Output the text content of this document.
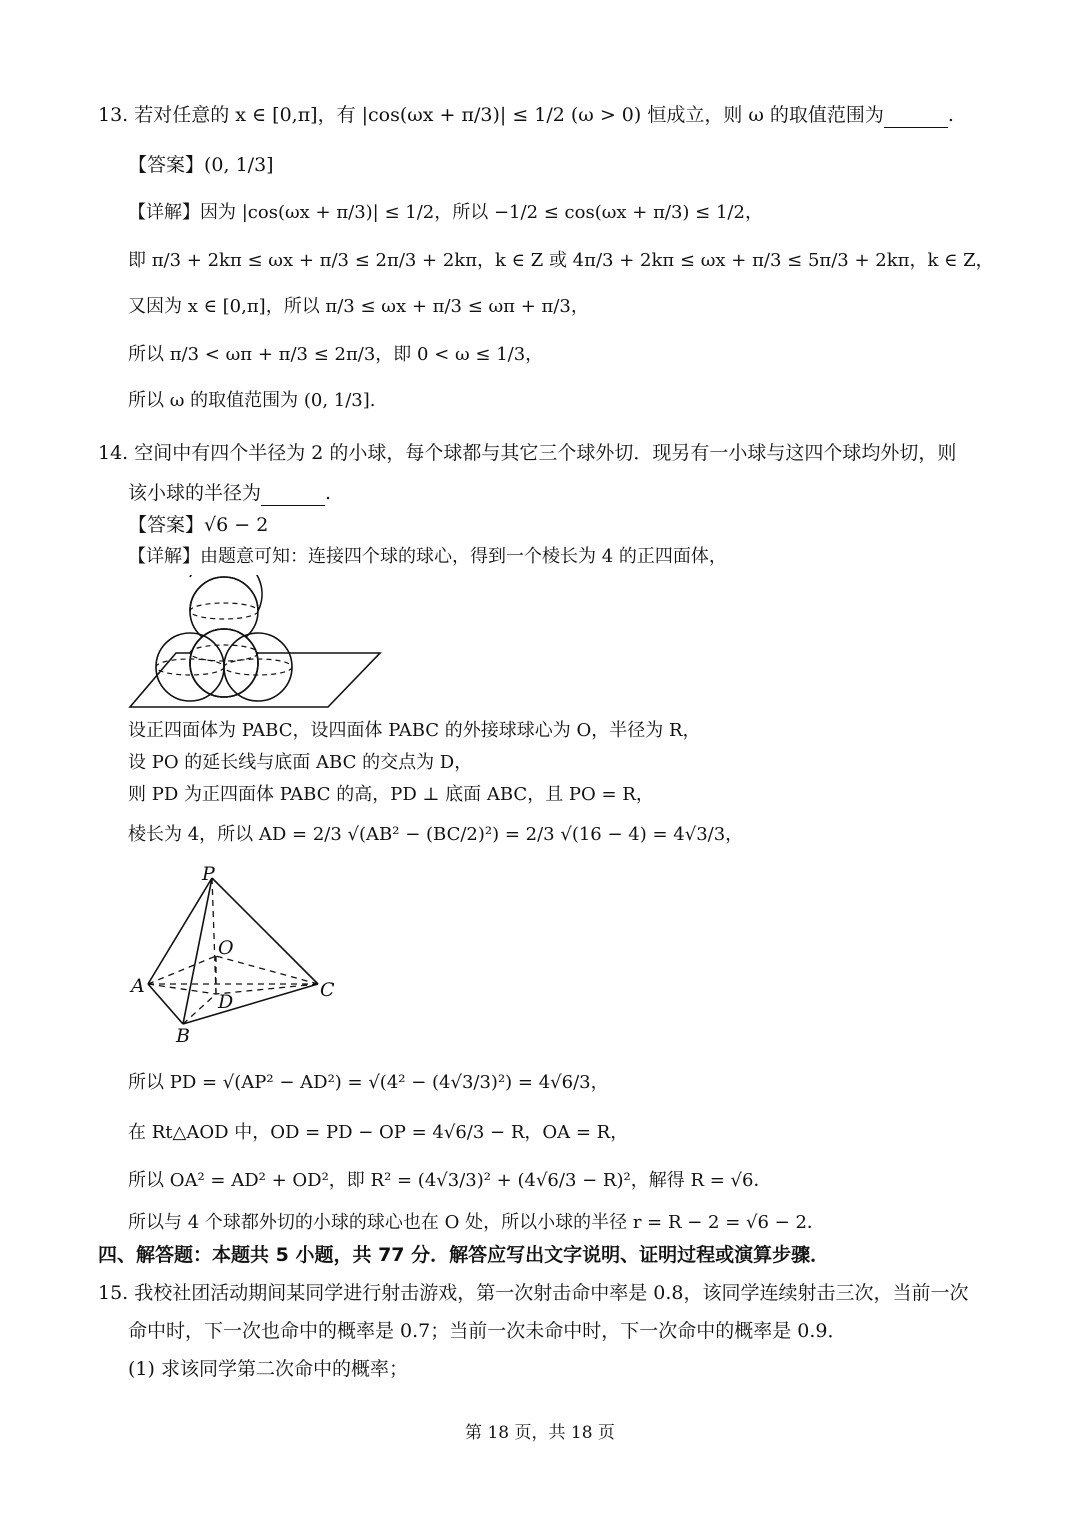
13. 若对任意的 x ∈ [0,π]，有 |cos(ωx + π/3)| ≤ 1/2 (ω > 0) 恒成立，则 ω 的取值范围为	.
【答案】(0, 1/3]
【详解】因为 |cos(ωx + π/3)| ≤ 1/2，所以 −1/2 ≤ cos(ωx + π/3) ≤ 1/2，
即 π/3 + 2kπ ≤ ωx + π/3 ≤ 2π/3 + 2kπ，k ∈ Z 或 4π/3 + 2kπ ≤ ωx + π/3 ≤ 5π/3 + 2kπ，k ∈ Z，
又因为 x ∈ [0,π]，所以 π/3 ≤ ωx + π/3 ≤ ωπ + π/3，
所以 π/3 < ωπ + π/3 ≤ 2π/3，即 0 < ω ≤ 1/3，
所以 ω 的取值范围为 (0, 1/3].
14. 空间中有四个半径为 2 的小球，每个球都与其它三个球外切．现另有一小球与这四个球均外切，则
该小球的半径为	.
【答案】√6 − 2
【详解】由题意可知：连接四个球的球心，得到一个棱长为 4 的正四面体，
设正四面体为 PABC，设四面体 PABC 的外接球球心为 O，半径为 R，
设 PO 的延长线与底面 ABC 的交点为 D，
则 PD 为正四面体 PABC 的高，PD ⊥ 底面 ABC，且 PO = R，
棱长为 4，所以 AD = 2/3 √(AB² − (BC/2)²) = 2/3 √(16 − 4) = 4√3/3，
P
O
A
D
C
B
所以 PD = √(AP² − AD²) = √(4² − (4√3/3)²) = 4√6/3，
在 Rt△AOD 中，OD = PD − OP = 4√6/3 − R，OA = R，
所以 OA² = AD² + OD²，即 R² = (4√3/3)² + (4√6/3 − R)²，解得 R = √6．
所以与 4 个球都外切的小球的球心也在 O 处，所以小球的半径 r = R − 2 = √6 − 2．
四、解答题：本题共 5 小题，共 77 分．解答应写出文字说明、证明过程或演算步骤．
15. 我校社团活动期间某同学进行射击游戏，第一次射击命中率是 0.8，该同学连续射击三次，当前一次
命中时，下一次也命中的概率是 0.7；当前一次未命中时，下一次命中的概率是 0.9．
(1) 求该同学第二次命中的概率；
第 18 页，共 18 页
